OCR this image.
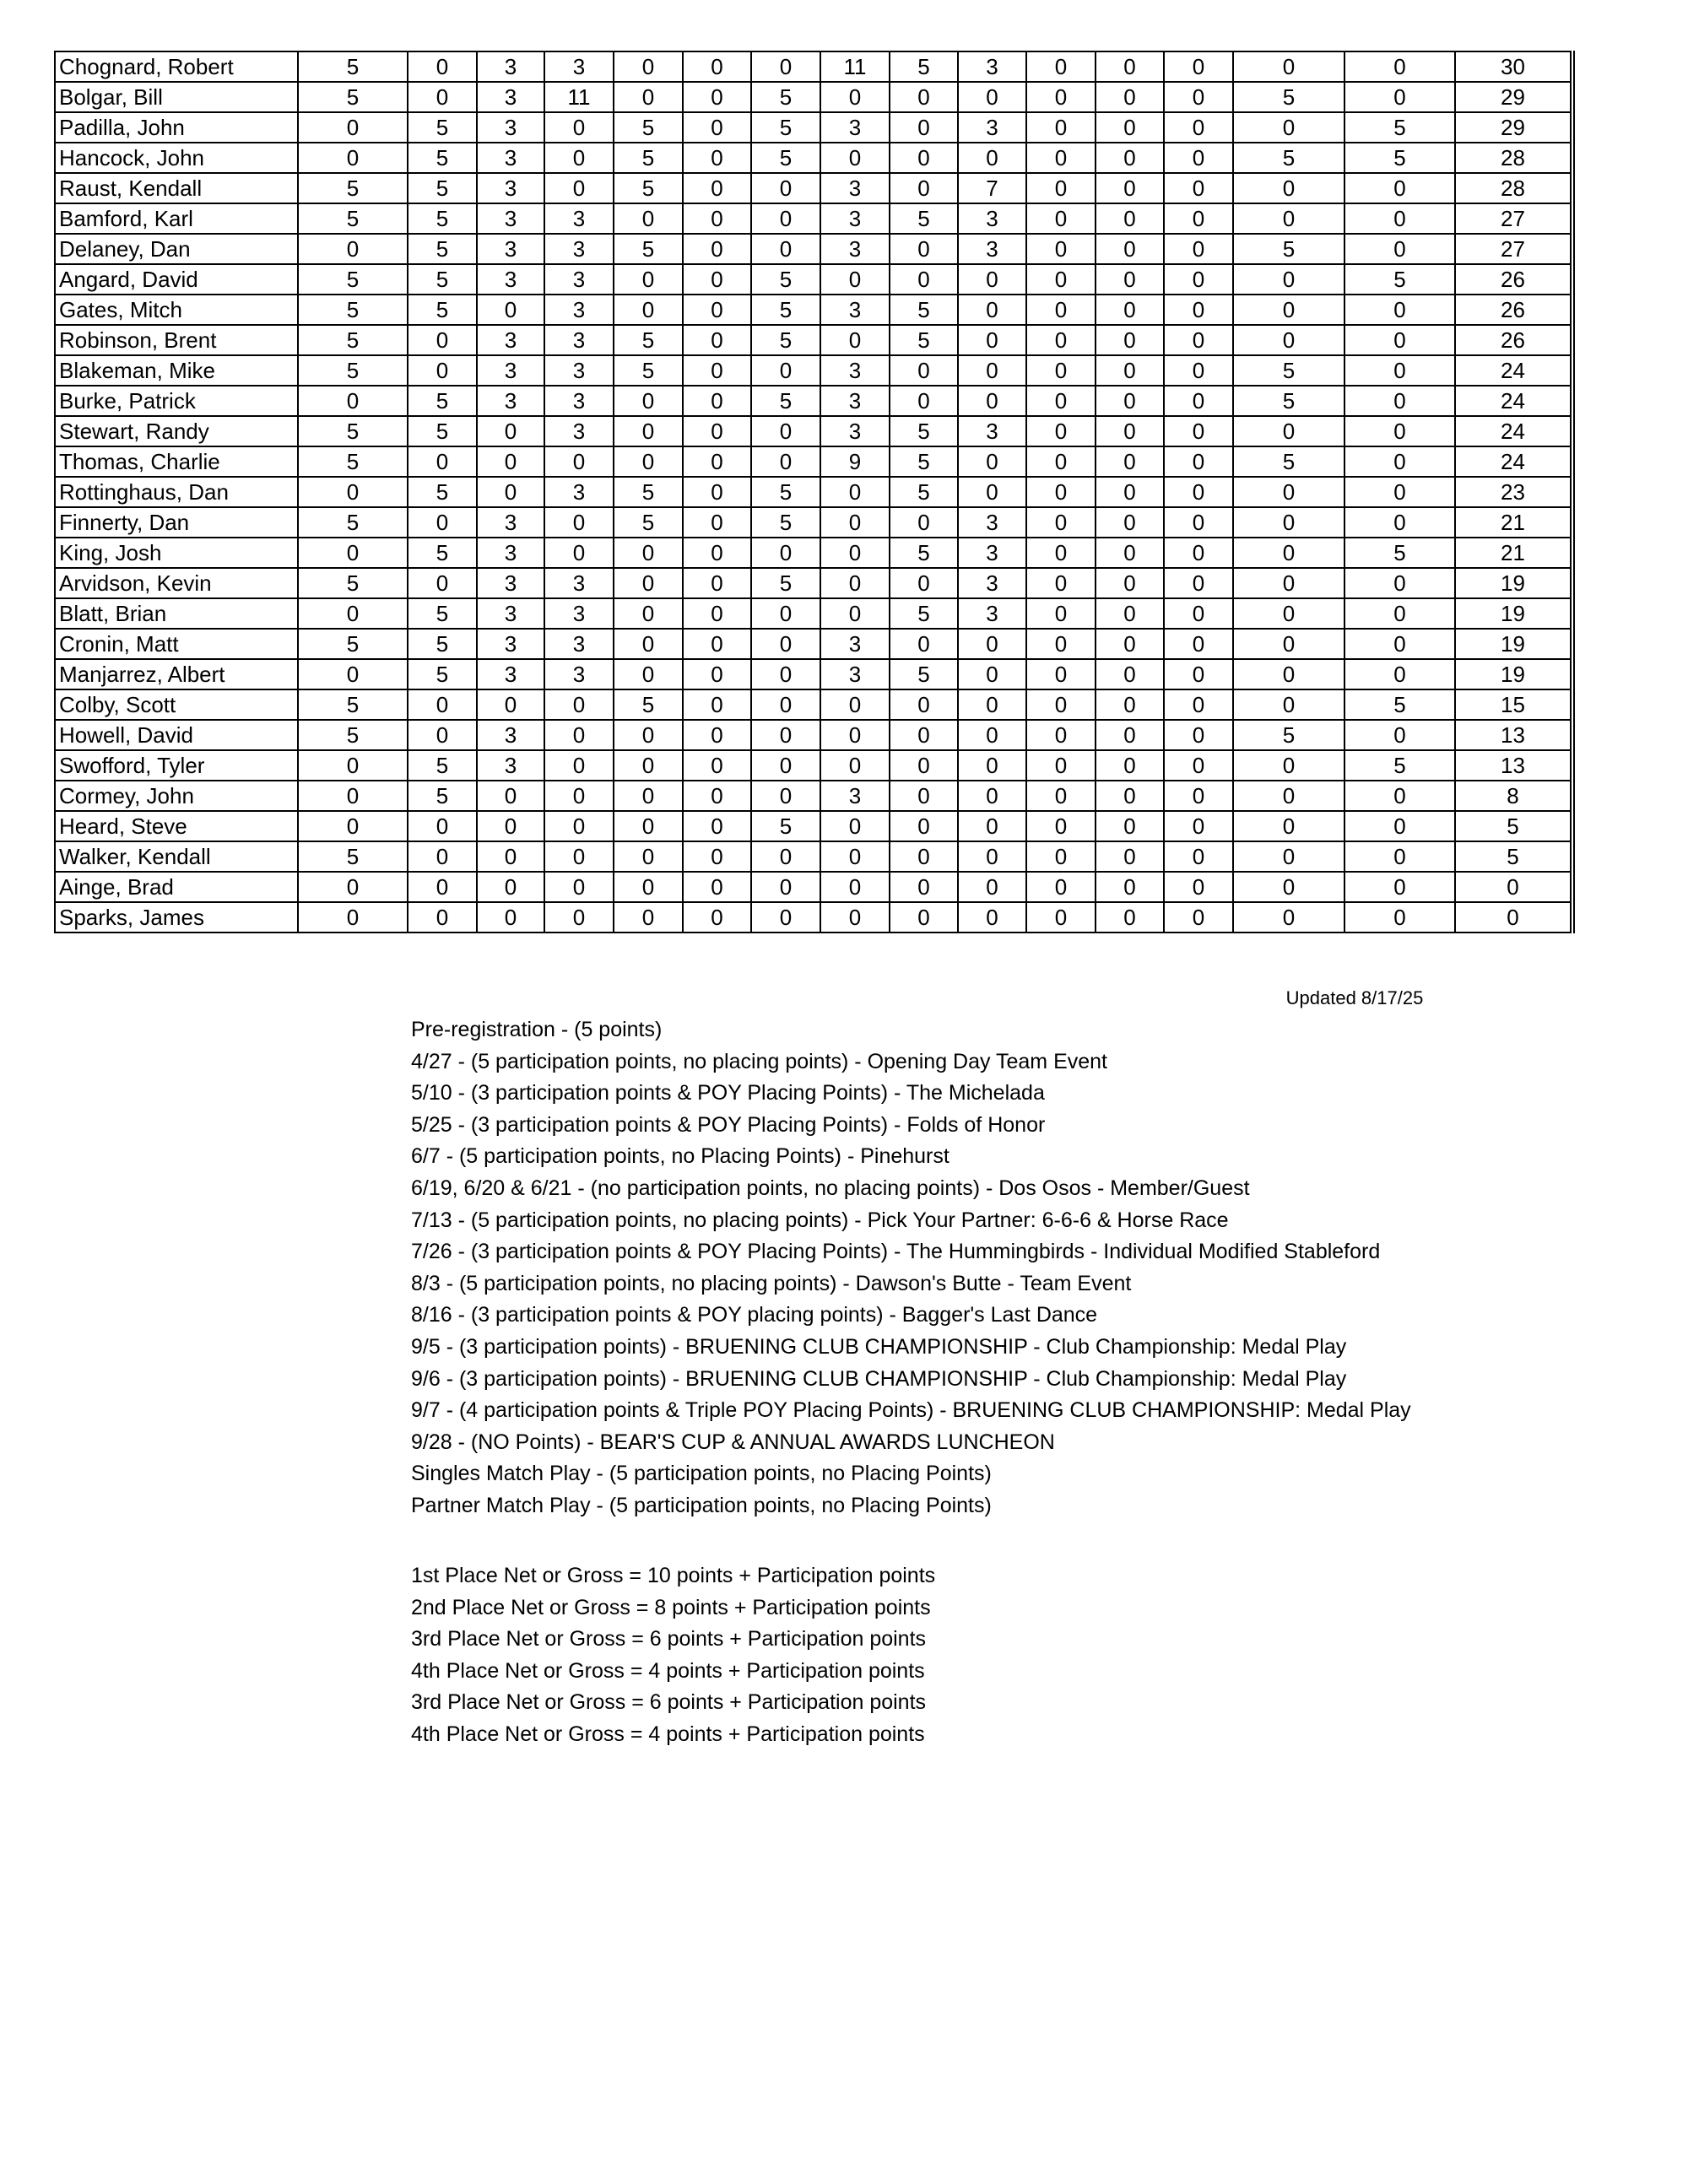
Chognard, Robert	5	0	3	3	0	0	0	11	5	3	0	0	0	0	0	30
Bolgar, Bill	5	0	3	11	0	0	5	0	0	0	0	0	0	5	0	29
Padilla, John	0	5	3	0	5	0	5	3	0	3	0	0	0	0	5	29
Hancock, John	0	5	3	0	5	0	5	0	0	0	0	0	0	5	5	28
Raust, Kendall	5	5	3	0	5	0	0	3	0	7	0	0	0	0	0	28
Bamford, Karl	5	5	3	3	0	0	0	3	5	3	0	0	0	0	0	27
Delaney, Dan	0	5	3	3	5	0	0	3	0	3	0	0	0	5	0	27
Angard, David	5	5	3	3	0	0	5	0	0	0	0	0	0	0	5	26
Gates, Mitch	5	5	0	3	0	0	5	3	5	0	0	0	0	0	0	26
Robinson, Brent	5	0	3	3	5	0	5	0	5	0	0	0	0	0	0	26
Blakeman, Mike	5	0	3	3	5	0	0	3	0	0	0	0	0	5	0	24
Burke, Patrick	0	5	3	3	0	0	5	3	0	0	0	0	0	5	0	24
Stewart, Randy	5	5	0	3	0	0	0	3	5	3	0	0	0	0	0	24
Thomas, Charlie	5	0	0	0	0	0	0	9	5	0	0	0	0	5	0	24
Rottinghaus, Dan	0	5	0	3	5	0	5	0	5	0	0	0	0	0	0	23
Finnerty, Dan	5	0	3	0	5	0	5	0	0	3	0	0	0	0	0	21
King, Josh	0	5	3	0	0	0	0	0	5	3	0	0	0	0	5	21
Arvidson, Kevin	5	0	3	3	0	0	5	0	0	3	0	0	0	0	0	19
Blatt, Brian	0	5	3	3	0	0	0	0	5	3	0	0	0	0	0	19
Cronin, Matt	5	5	3	3	0	0	0	3	0	0	0	0	0	0	0	19
Manjarrez, Albert	0	5	3	3	0	0	0	3	5	0	0	0	0	0	0	19
Colby, Scott	5	0	0	0	5	0	0	0	0	0	0	0	0	0	5	15
Howell, David	5	0	3	0	0	0	0	0	0	0	0	0	0	5	0	13
Swofford, Tyler	0	5	3	0	0	0	0	0	0	0	0	0	0	0	5	13
Cormey, John	0	5	0	0	0	0	0	3	0	0	0	0	0	0	0	8
Heard, Steve	0	0	0	0	0	0	5	0	0	0	0	0	0	0	0	5
Walker, Kendall	5	0	0	0	0	0	0	0	0	0	0	0	0	0	0	5
Ainge, Brad	0	0	0	0	0	0	0	0	0	0	0	0	0	0	0	0
Sparks, James	0	0	0	0	0	0	0	0	0	0	0	0	0	0	0	0
Updated 8/17/25
Pre-registration - (5 points)
4/27 - (5 participation points, no placing points) - Opening Day Team Event
5/10 - (3 participation points & POY Placing Points) - The Michelada
5/25 - (3 participation points & POY Placing Points) - Folds of Honor
6/7 - (5 participation points, no Placing Points) - Pinehurst
6/19, 6/20 & 6/21 - (no participation points, no placing points) - Dos Osos - Member/Guest
7/13 - (5 participation points, no placing points) - Pick Your Partner: 6-6-6 & Horse Race
7/26 - (3 participation points & POY Placing Points) - The Hummingbirds - Individual Modified Stableford
8/3 - (5 participation points, no placing points) - Dawson's Butte - Team Event
8/16 - (3 participation points & POY placing points) - Bagger's Last Dance
9/5 - (3 participation points) - BRUENING CLUB CHAMPIONSHIP - Club Championship: Medal Play
9/6 - (3 participation points) - BRUENING CLUB CHAMPIONSHIP - Club Championship: Medal Play
9/7 - (4 participation points & Triple POY Placing Points) - BRUENING CLUB CHAMPIONSHIP: Medal Play
9/28 - (NO Points) - BEAR'S CUP & ANNUAL AWARDS LUNCHEON
Singles Match Play - (5 participation points, no Placing Points)
Partner Match Play - (5 participation points, no Placing Points)
1st Place Net or Gross = 10 points + Participation points
2nd Place Net or Gross = 8 points + Participation points
3rd Place Net or Gross = 6 points + Participation points
4th Place Net or Gross = 4 points + Participation points
3rd Place Net or Gross = 6 points + Participation points
4th Place Net or Gross = 4 points + Participation points
